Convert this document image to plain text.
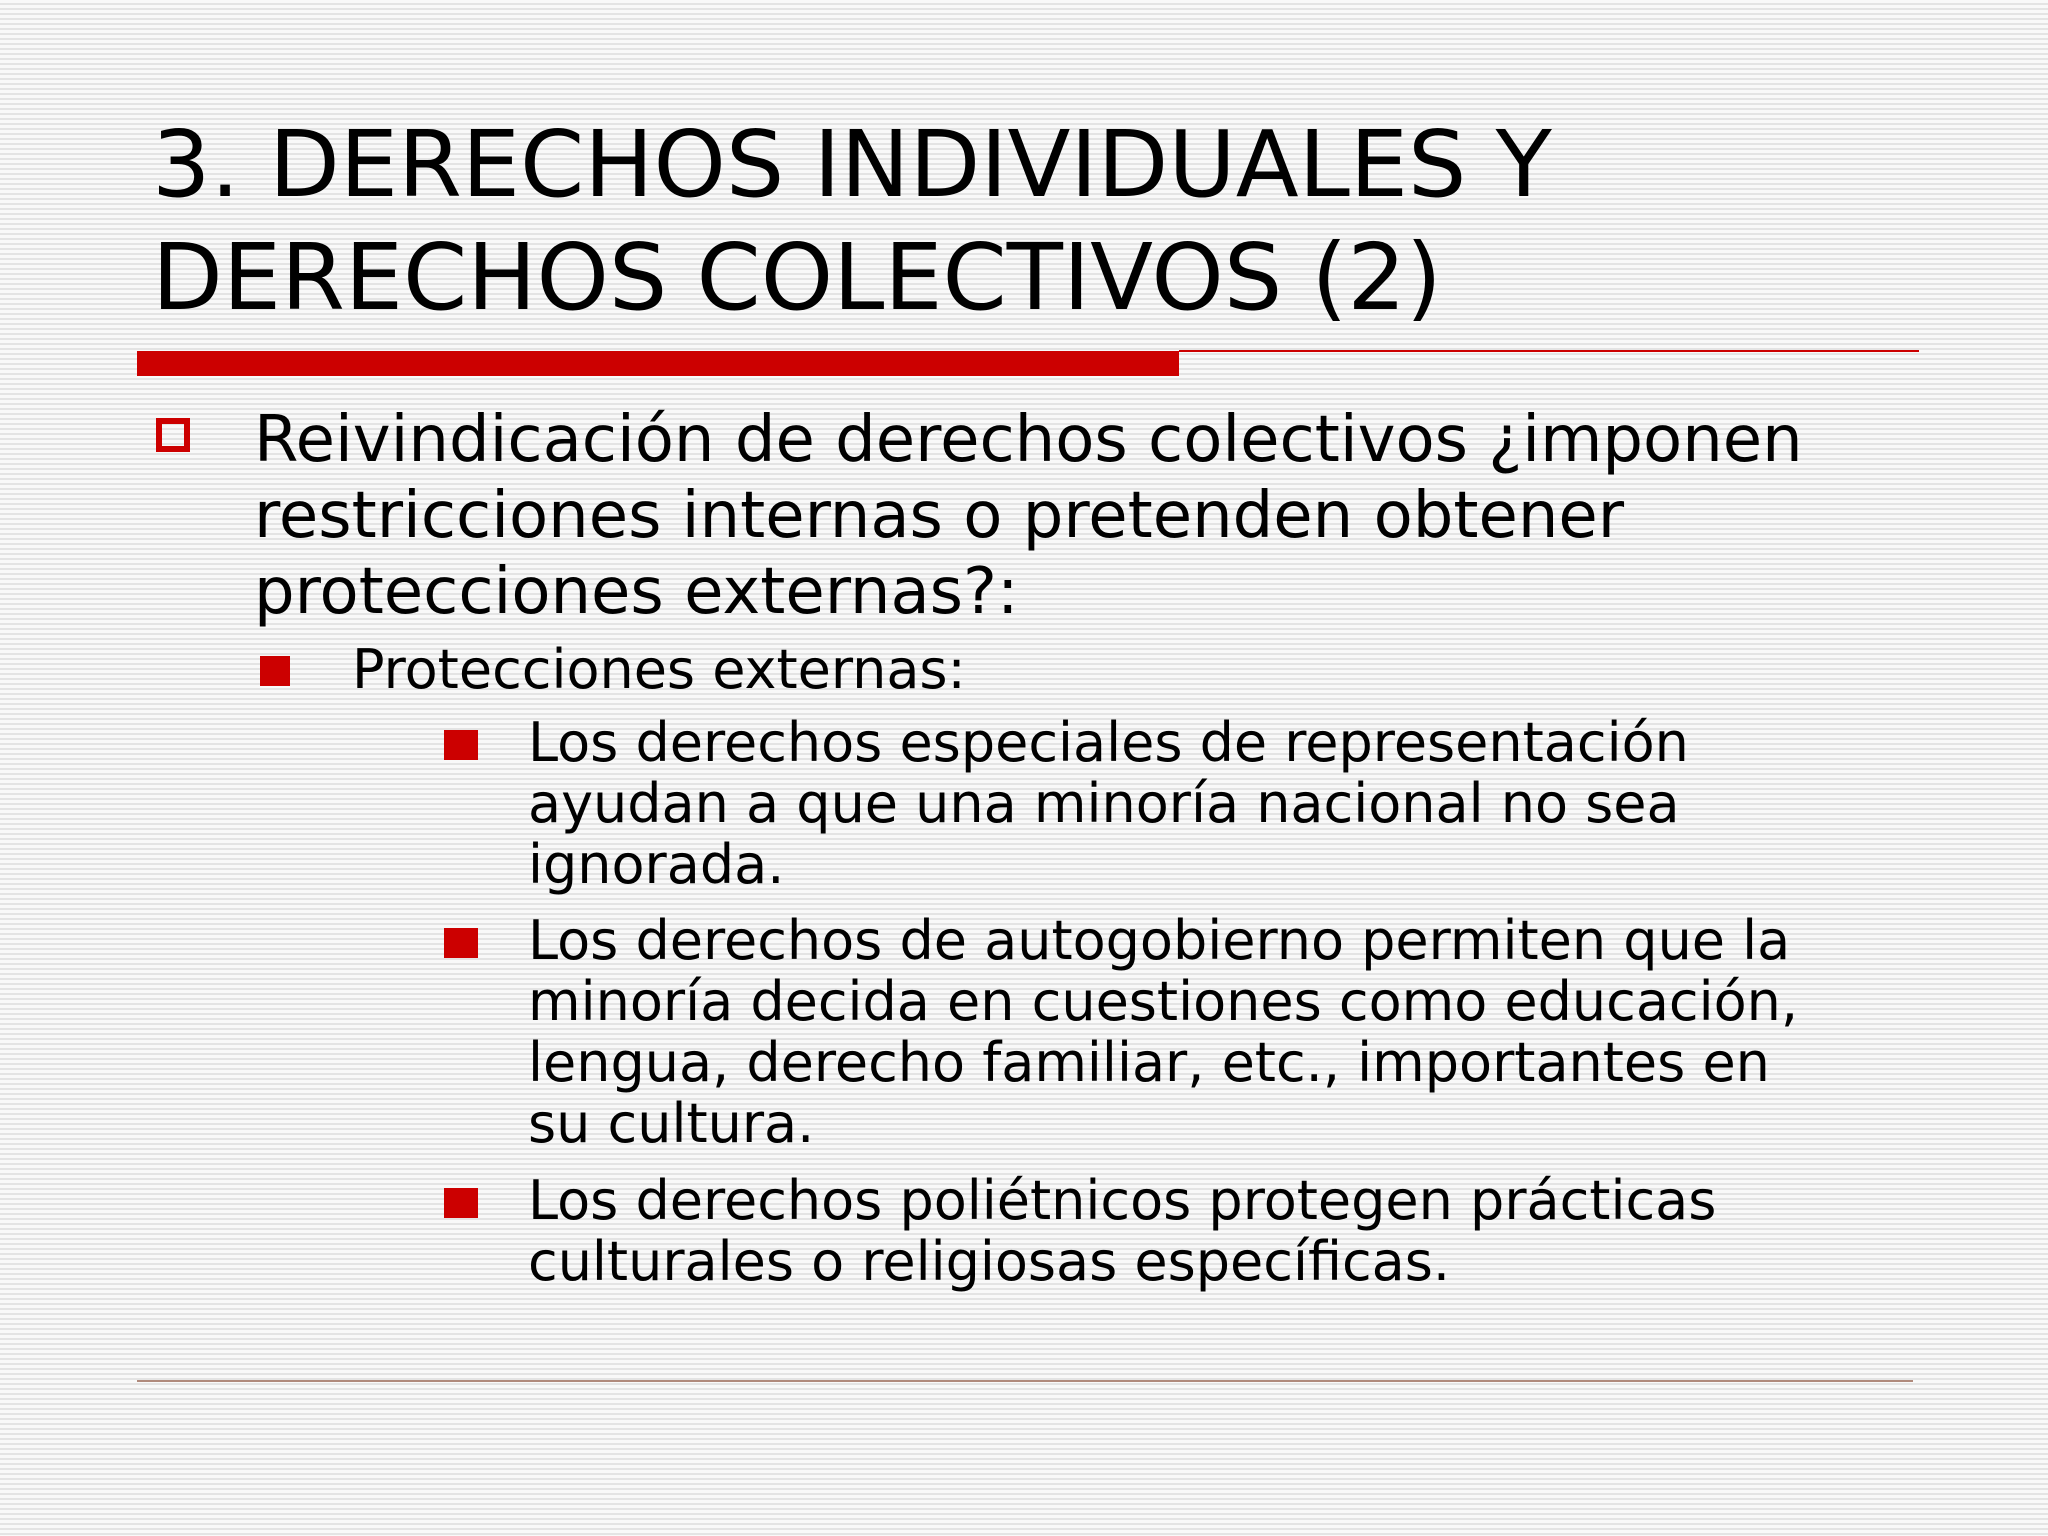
3. DERECHOS INDIVIDUALES Y
DERECHOS COLECTIVOS (2)
Reivindicación de derechos colectivos ¿imponen
restricciones internas o pretenden obtener
protecciones externas?:
Protecciones externas:
Los derechos especiales de representación
ayudan a que una minoría nacional no sea
ignorada.
Los derechos de autogobierno permiten que la
minoría decida en cuestiones como educación,
lengua, derecho familiar, etc., importantes en
su cultura.
Los derechos poliétnicos protegen prácticas
culturales o religiosas específicas.
